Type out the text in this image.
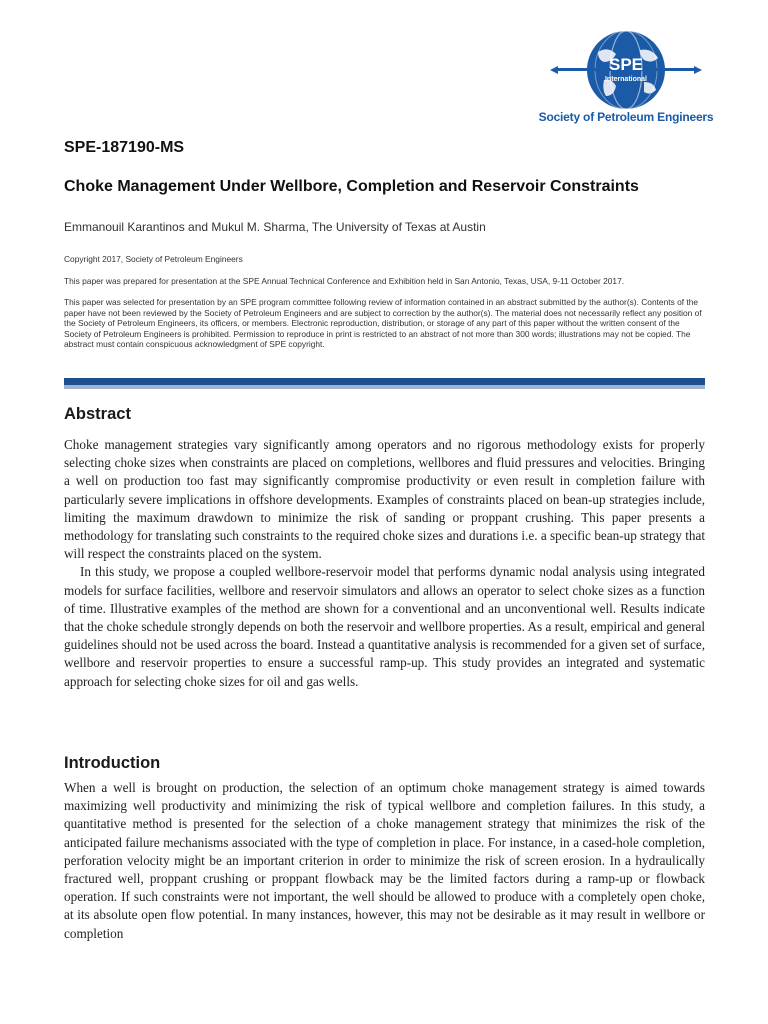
SPE
International
Society of Petroleum Engineers
SPE-187190-MS
Choke Management Under Wellbore, Completion and Reservoir Constraints
Emmanouil Karantinos and Mukul M. Sharma, The University of Texas at Austin
Copyright 2017, Society of Petroleum Engineers
This paper was prepared for presentation at the SPE Annual Technical Conference and Exhibition held in San Antonio, Texas, USA, 9-11 October 2017.
This paper was selected for presentation by an SPE program committee following review of information contained in an abstract submitted by the author(s). Contents of the paper have not been reviewed by the Society of Petroleum Engineers and are subject to correction by the author(s). The material does not necessarily reflect any position of the Society of Petroleum Engineers, its officers, or members. Electronic reproduction, distribution, or storage of any part of this paper without the written consent of the Society of Petroleum Engineers is prohibited. Permission to reproduce in print is restricted to an abstract of not more than 300 words; illustrations may not be copied. The abstract must contain conspicuous acknowledgment of SPE copyright.
Abstract

Choke management strategies vary significantly among operators and no rigorous methodology exists for properly selecting choke sizes when constraints are placed on completions, wellbores and fluid pressures and velocities. Bringing a well on production too fast may significantly compromise productivity or even result in completion failure with particularly severe implications in offshore developments. Examples of constraints placed on bean-up strategies include, limiting the maximum drawdown to minimize the risk of sanding or proppant crushing. This paper presents a methodology for translating such constraints to the required choke sizes and durations i.e. a specific bean-up strategy that will respect the constraints placed on the system.

In this study, we propose a coupled wellbore-reservoir model that performs dynamic nodal analysis using integrated models for surface facilities, wellbore and reservoir simulators and allows an operator to select choke sizes as a function of time. Illustrative examples of the method are shown for a conventional and an unconventional well. Results indicate that the choke schedule strongly depends on both the reservoir and wellbore properties. As a result, empirical and general guidelines should not be used across the board. Instead a quantitative analysis is recommended for a given set of surface, wellbore and reservoir properties to ensure a successful ramp-up. This study provides an integrated and systematic approach for selecting choke sizes for oil and gas wells.

Introduction

When a well is brought on production, the selection of an optimum choke management strategy is aimed towards maximizing well productivity and minimizing the risk of typical wellbore and completion failures. In this study, a quantitative method is presented for the selection of a choke management strategy that minimizes the risk of the anticipated failure mechanisms associated with the type of completion in place. For instance, in a cased-hole completion, perforation velocity might be an important criterion in order to minimize the risk of screen erosion. In a hydraulically fractured well, proppant crushing or proppant flowback may be the limited factors during a ramp-up or flowback operation. If such constraints were not important, the well should be allowed to produce with a completely open choke, at its absolute open flow potential. In many instances, however, this may not be desirable as it may result in wellbore or completion
